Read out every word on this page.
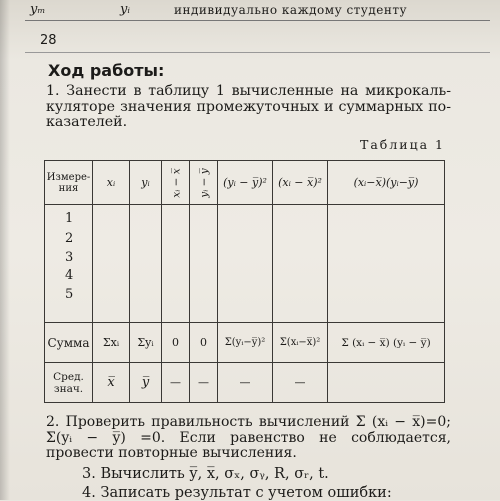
уₘ	yᵢ	индивидуально каждому студенту
28
Ход работы:
1. Занести в таблицу 1 вычисленные на микрокаль-куляторе значения промежуточных и суммарных по-казателей.
Таблица 1
Измере-ния	xᵢ	yᵢ	xᵢ − x̅	yᵢ − y̅	(yᵢ − y̅)²	(xᵢ − x̅)²	(xᵢ−x̅)(yᵢ−y̅)

1
2
3
4
5							

Сумма	Σxᵢ	Σyᵢ	0	0	Σ(yᵢ−y̅)²	Σ(xᵢ−x̅)²	Σ (xᵢ − x̅) (yᵢ − y̅)
Сред. знач.	x̅	y̅	—	—	—	—	
2. Проверить правильность вычислений Σ (xᵢ − x̅)=0; Σ(yᵢ − y̅) =0. Если равенство не соблюдается, провести повторные вычисления.
3. Вычислить y̅, x̅, σₓ, σᵧ, R, σᵣ, t.
4. Записать результат с учетом ошибки:
